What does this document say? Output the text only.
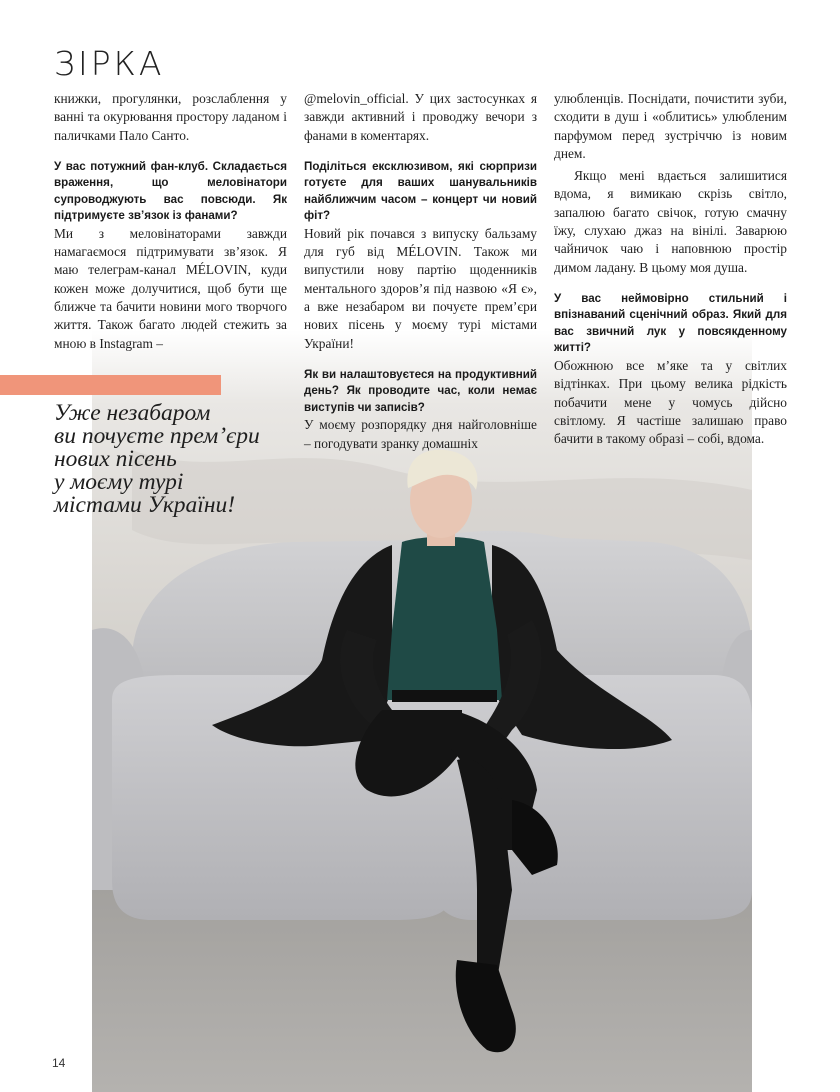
ЗІРКА

Уже незабаром
ви почуєте прем’єри
нових пісень
у моєму турі
містами України!

книжки, прогулянки, розслаблення у ванні та окурювання простору ладаном і паличками Пало Санто.

У вас потужний фан-клуб. Складається враження, що меловінатори супроводжують вас повсюди. Як підтримуєте зв’язок із фанами?

Ми з меловінаторами завжди намагаємося підтримувати зв’язок. Я маю телеграм-канал MÉLOVIN, куди кожен може долучитися, щоб бути ще ближче та бачити новини мого творчого життя. Також багато людей стежить за мною в Instagram –

@melovin_official. У цих застосунках я завжди активний і проводжу вечори з фанами в коментарях.

Поділіться ексклюзивом, які сюрпризи готуєте для ваших шанувальників найближчим часом – концерт чи новий фіт?

Новий рік почався з випуску бальзаму для губ від MÉLOVIN. Також ми випустили нову партію щоденників ментального здоров’я під назвою «Я є», а вже незабаром ви почуєте прем’єри нових пісень у моєму турі містами України!

Як ви налаштовуєтеся на продуктивний день? Як проводите час, коли немає виступів чи записів?

У моєму розпорядку дня найголовніше – погодувати зранку домашніх

улюбленців. Поснідати, почистити зуби, сходити в душ і «облитись» улюбленим парфумом перед зустріччю із новим днем.

Якщо мені вдається залишитися вдома, я вимикаю скрізь світло, запалюю багато свічок, готую смачну їжу, слухаю джаз на вінілі. Заварюю чайничок чаю і наповнюю простір димом ладану. В цьому моя душа.

У вас неймовірно стильний і впізнаваний сценічний образ. Який для вас звичний лук у повсякденному житті?

Обожнюю все м’яке та у світлих відтінках. При цьому велика рідкість побачити мене у чомусь дійсно світлому. Я частіше залишаю право бачити в такому образі – собі, вдома.

14
